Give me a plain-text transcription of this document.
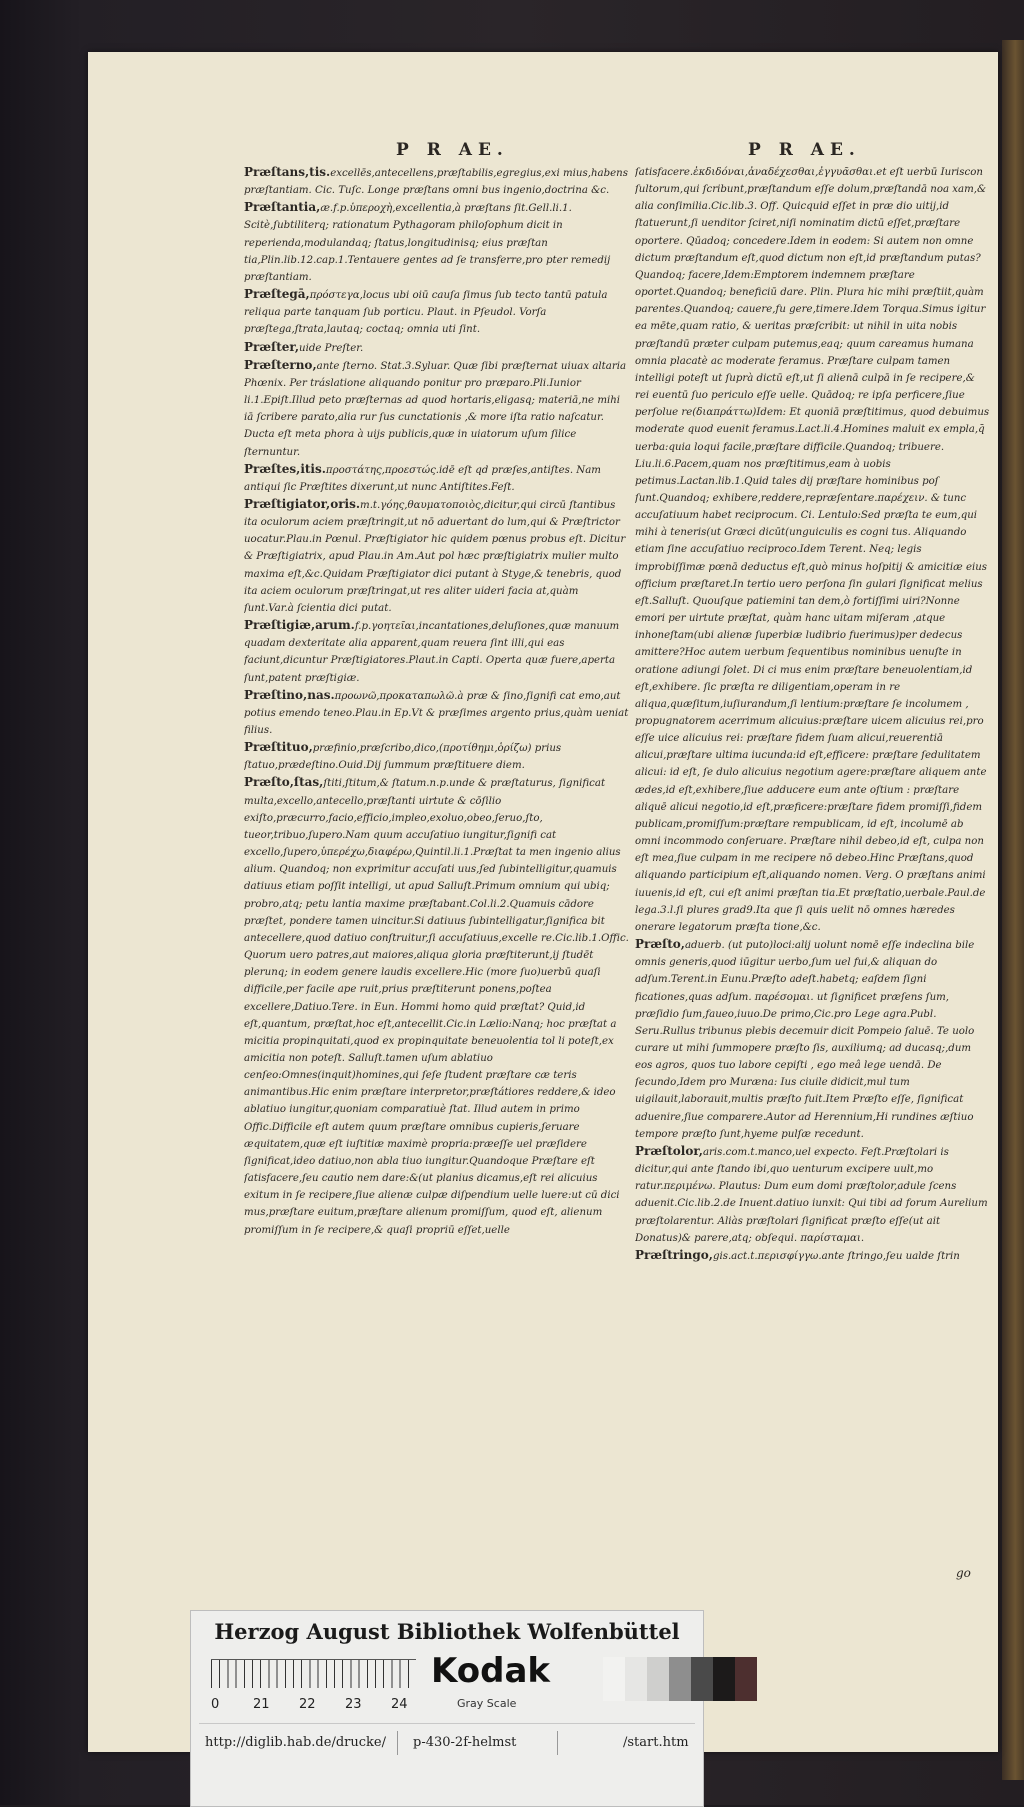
P R AE.	P R AE.

Præſtans,tis.excellēs,antecellens,præſtabilis,egregius,exi mius,habens præſtantiam. Cic. Tuſc. Longe præſtans omni bus ingenio,doctrina &c.

Præſtantia,æ.f.p.ὑπεροχὴ,excellentia,à præſtans ſit.Gell.li.1. Scitè,ſubtiliterq; rationatum Pythagoram philoſophum dicit in reperienda,modulandaq; ſtatus,longitudinisq; eius præſtan tia,Plin.lib.12.cap.1.Tentauere gentes ad ſe transferre,pro pter remedij præſtantiam.

Præſtegā,πρόστεγα,locus ubi oiū cauſa ſimus ſub tecto tantū patula reliqua parte tanquam ſub porticu. Plaut. in Pſeudol. Vorſa præſtega,ſtrata,lautaq; coctaq; omnia uti ſint.

Præſter,uide Preſter.

Præſterno,ante ſterno. Stat.3.Syluar. Quæ ſibi præſternat uiuax altaria Phœnix. Per tráslatione aliquando ponitur pro præparo.Pli.Iunior li.1.Epiſt.Illud peto præſternas ad quod hortaris,eligasq; materiā,ne mihi iā ſcribere parato,alia rur ſus cunctationis ,& more iſta ratio naſcatur. Ducta eſt meta phora à uijs publicis,quæ in uiatorum uſum ſilice ſternuntur.

Præſtes,itis.προστάτης,προεστώς.idē eſt qd præſes,antiſtes. Nam antiqui ſic Præſtites dixerunt,ut nunc Antiſtites.Feſt.

Præſtigiator,oris.m.t.γόης,θαυματοποιὸς,dicitur,qui circū ſtantibus ita oculorum aciem præſtringit,ut nō aduertant do lum,qui & Præſtrictor uocatur.Plau.in Pœnul. Præſtigiator hic quidem pœnus probus eſt. Dicitur & Præſtigiatrix, apud Plau.in Am.Aut pol hæc præſtigiatrix mulier multo maxima eſt,&c.Quidam Præſtigiator dici putant à Styge,& tenebris, quod ita aciem oculorum præſtringat,ut res aliter uideri facia at,quàm ſunt.Var.à ſcientia dici putat.

Præſtigiæ,arum.f.p.γοητεῖαι,incantationes,deluſiones,quæ manuum quadam dexteritate alia apparent,quam reuera ſint illi,qui eas faciunt,dicuntur Præſtigiatores.Plaut.in Capti. Operta quæ fuere,aperta ſunt,patent præſtigiæ.

Præſtino,nas.προωνῶ,προκαταπωλῶ.à præ & ſino,ſignifi cat emo,aut potius emendo teneo.Plau.in Ep.Vt & præſimes argento prius,quàm ueniat filius.

Præſtituo,præfinio,præſcribo,dico,(προτίθημι,ὁρίζω) prius ſtatuo,prædeſtino.Ouid.Dij ſummum præſtituere diem.

Præſto,ſtas,ſtiti,ſtitum,& ſtatum.n.p.unde & præſtaturus, ſignificat multa,excello,antecello,præſtanti uirtute & cōſilio exiſto,præcurro,facio,efficio,impleo,exoluo,obeo,ſeruo,ſto, tueor,tribuo,ſupero.Nam quum accuſatiuo iungitur,ſignifi cat excello,ſupero,ὑπερέχω,διαφέρω,Quintil.li.1.Præſtat ta men ingenio alius alium. Quandoq; non exprimitur accuſati uus,ſed ſubintelligitur,quamuis datiuus etiam poſſit intelligi, ut apud Salluſt.Primum omnium qui ubiq; probro,atq; petu lantia maxime præſtabant.Col.li.2.Quamuis cādore præſtet, pondere tamen uincitur.Si datiuus ſubintelligatur,ſignifica bit antecellere,quod datiuo conſtruitur,ſi accuſatiuus,excelle re.Cic.lib.1.Offic. Quorum uero patres,aut maiores,aliqua gloria præſtiterunt,ij ſtudēt plerunq; in eodem genere laudis excellere.Hic (more ſuo)uerbū quaſi difficile,per facile ape ruit,prius præſtiterunt ponens,poſtea excellere,Datiuo.Tere. in Eun. Hommi homo quid præſtat? Quid,id eſt,quantum, præſtat,hoc eſt,antecellit.Cic.in Lælio:Nanq; hoc præſtat a micitia propinquitati,quod ex propinquitate beneuolentia tol li poteſt,ex amicitia non poteſt. Salluſt.tamen uſum ablatiuo cenſeo:Omnes(inquit)homines,qui ſeſe ſtudent præſtare cæ teris animantibus.Hic enim præſtare interpretor,præſtátiores reddere,& ideo ablatiuo iungitur,quoniam comparatiuè ſtat. Illud autem in primo Offic.Difficile eſt autem quum præſtare omnibus cupieris,ſeruare æquitatem,quæ eſt iuſtitiæ maximè propria:præeſſe uel præſidere ſignificat,ideo datiuo,non abla tiuo iungitur.Quandoque Præſtare eſt ſatisfacere,ſeu cautio nem dare:&(ut planius dicamus,eſt rei alicuius exitum in ſe recipere,ſiue alienæ culpæ diſpendium uelle luere:ut cū dici mus,præſtare euitum,præſtare alienum promiſſum, quod eſt, alienum promiſſum in ſe recipere,& quaſi propriū eſſet,uelle

ſatisfacere.ἐκδιδόναι,ἀναδέχεσθαι,ἐγγυᾶσθαι.et eſt uerbū Iuriscon ſultorum,qui ſcribunt,præſtandum eſſe dolum,præſtandā noa xam,& alia conſimilia.Cic.lib.3. Off. Quicquid eſſet in præ dio uitij,id ſtatuerunt,ſi uenditor ſciret,niſi nominatim dictū eſſet,præſtare oportere. Qūadoq; concedere.Idem in eodem: Si autem non omne dictum præſtandum eſt,quod dictum non eſt,id præſtandum putas? Quandoq; facere,Idem:Emptorem indemnem præſtare oportet.Quandoq; beneficiū dare. Plin. Plura hic mihi præſtiit,quàm parentes.Quandoq; cauere,fu gere,timere.Idem Torqua.Simus igitur ea mēte,quam ratio, & ueritas præſcribit: ut nihil in uita nobis præſtandū præter culpam putemus,eaq; quum careamus humana omnia placatè ac moderate feramus. Præſtare culpam tamen intelligi poteſt ut ſuprà dictū eſt,ut ſi alienā culpā in ſe recipere,& rei euentū ſuo periculo eſſe uelle. Quādoq; re ipſa perficere,ſiue perſolue re(διαπράττω)Idem: Et quoniā præſtitimus, quod debuimus moderate quod euenit feramus.Lact.li.4.Homines maluit ex empla,q̄ uerba:quia loqui facile,præſtare difficile.Quandoq; tribuere. Liu.li.6.Pacem,quam nos præſtitimus,eam à uobis petimus.Lactan.lib.1.Quid tales dij præſtare hominibus poſ ſunt.Quandoq; exhibere,reddere,repræſentare.παρέχειν. & tunc accuſatiuum habet reciprocum. Ci. Lentulo:Sed præſta te eum,qui mihi à teneris(ut Græci dicūt(unguiculis es cogni tus. Aliquando etiam ſine accuſatiuo reciproco.Idem Terent. Neq; legis improbiſſimæ pœnā deductus eſt,quò minus hoſpitij & amicitiæ eius officium præſtaret.In tertio uero perſona ſin gulari ſignificat melius eſt.Salluſt. Quouſque patiemini tan dem,ò fortiſſimi uiri?Nonne emori per uirtute præſtat, quàm hanc uitam miſeram ,atque inhoneſtam(ubi alienæ ſuperbiæ ludibrio fuerimus)per dedecus amittere?Hoc autem uerbum ſequentibus nominibus uenuſte in oratione adiungi ſolet. Di ci mus enim præſtare beneuolentiam,id eſt,exhibere. ſic præſta re diligentiam,operam in re aliqua,quæſitum,iuſiurandum,ſi lentium:præſtare ſe incolumem , propugnatorem acerrimum alicuius:præſtare uicem alicuius rei,pro eſſe uice alicuius rei: præſtare fidem ſuam alicui,reuerentiā alicui,præſtare ultima iucunda:id eſt,efficere: præſtare ſedulitatem alicui: id eſt, ſe dulo alicuius negotium agere:præſtare aliquem ante ædes,id eſt,exhibere,ſiue adducere eum ante oſtium : præſtare aliquē alicui negotio,id eſt,præficere:præſtare fidem promiſſi,fidem publicam,promiſſum:præſtare rempublicam, id eſt, incolumē ab omni incommodo conſeruare. Præſtare nihil debeo,id eſt, culpa non eſt mea,ſiue culpam in me recipere nō debeo.Hinc Præſtans,quod aliquando participium eſt,aliquando nomen. Verg. O præſtans animi iuuenis,id eſt, cui eſt animi præſtan tia.Et præſtatio,uerbale.Paul.de lega.3.l.ſi plures grad9.Ita que ſi quis uelit nō omnes hæredes onerare legatorum præſta tione,&c.

Præſto,aduerb. (ut puto)loci:alij uolunt nomē eſſe indeclina bile omnis generis,quod iūgitur uerbo,ſum uel fui,& aliquan do adſum.Terent.in Eunu.Præſto adeſt.habetq; eaſdem ſigni ficationes,quas adſum. παρέσομαι. ut ſignificet præſens ſum, præſidio ſum,faueo,iuuo.De primo,Cic.pro Lege agra.Publ. Seru.Rullus tribunus plebis decemuir dicit Pompeio ſaluē. Te uolo curare ut mihi ſummopere præſto ſis, auxiliumq; ad ducasq;,dum eos agros, quos tuo labore cepiſti , ego meâ lege uendā. De ſecundo,Idem pro Muræna: Ius ciuile didicit,mul tum uigilauit,laborauit,multis præſto fuit.Item Præſto eſſe, ſignificat aduenire,ſiue comparere.Autor ad Herennium,Hi rundines æſtiuo tempore præſto ſunt,hyeme pulſæ recedunt.

Præſtolor,aris.com.t.manco,uel expecto. Feſt.Præſtolari is dicitur,qui ante ſtando ibi,quo uenturum excipere uult,mo ratur.περιμένω. Plautus: Dum eum domi præſtolor,adule ſcens aduenit.Cic.lib.2.de Inuent.datiuo iunxit: Qui tibi ad forum Aurelium præſtolarentur. Aliàs præſtolari ſignificat præſto eſſe(ut ait Donatus)& parere,atq; obſequi. παρίσταμαι.

Præſtringo,gis.act.t.περισφίγγω.ante ſtringo,ſeu ualde ſtrin

go
Herzog August Bibliothek Wolfenbüttel
0	21 22 23 24
Kodak
Gray Scale
http://diglib.hab.de/drucke/ p-430-2f-helmst	/start.htm
